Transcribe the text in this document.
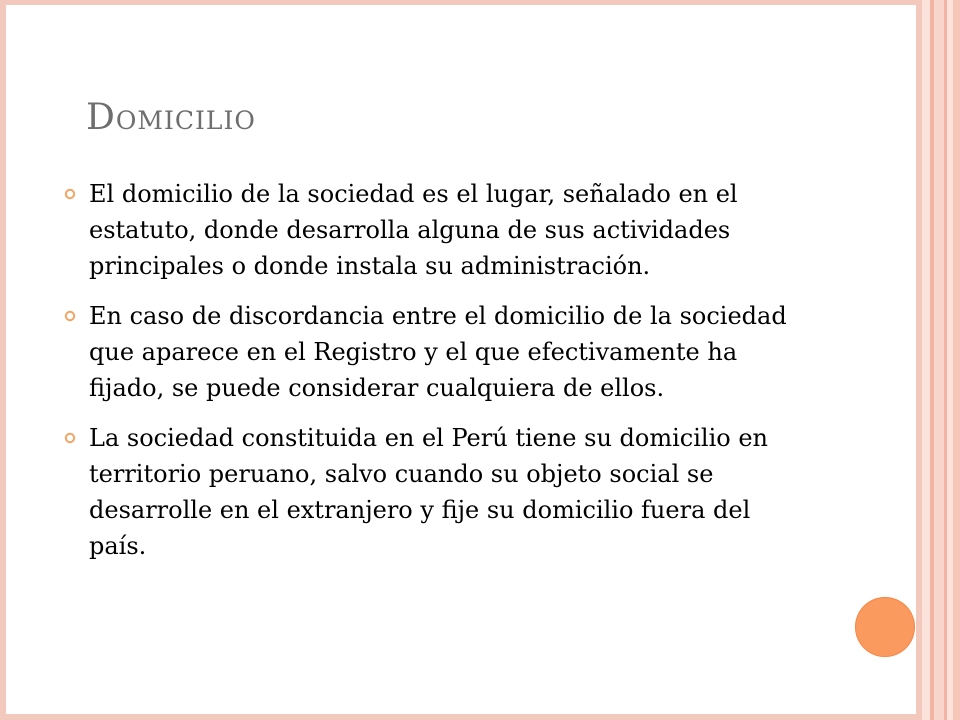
Domicilio
El domicilio de la sociedad es el lugar, señalado en el estatuto, donde desarrolla alguna de sus actividades principales o donde instala su administración.
En caso de discordancia entre el domicilio de la sociedad que aparece en el Registro y el que efectivamente ha fijado, se puede considerar cualquiera de ellos.
La sociedad constituida en el Perú tiene su domicilio en territorio peruano, salvo cuando su objeto social se desarrolle en el extranjero y fije su domicilio fuera del país.
